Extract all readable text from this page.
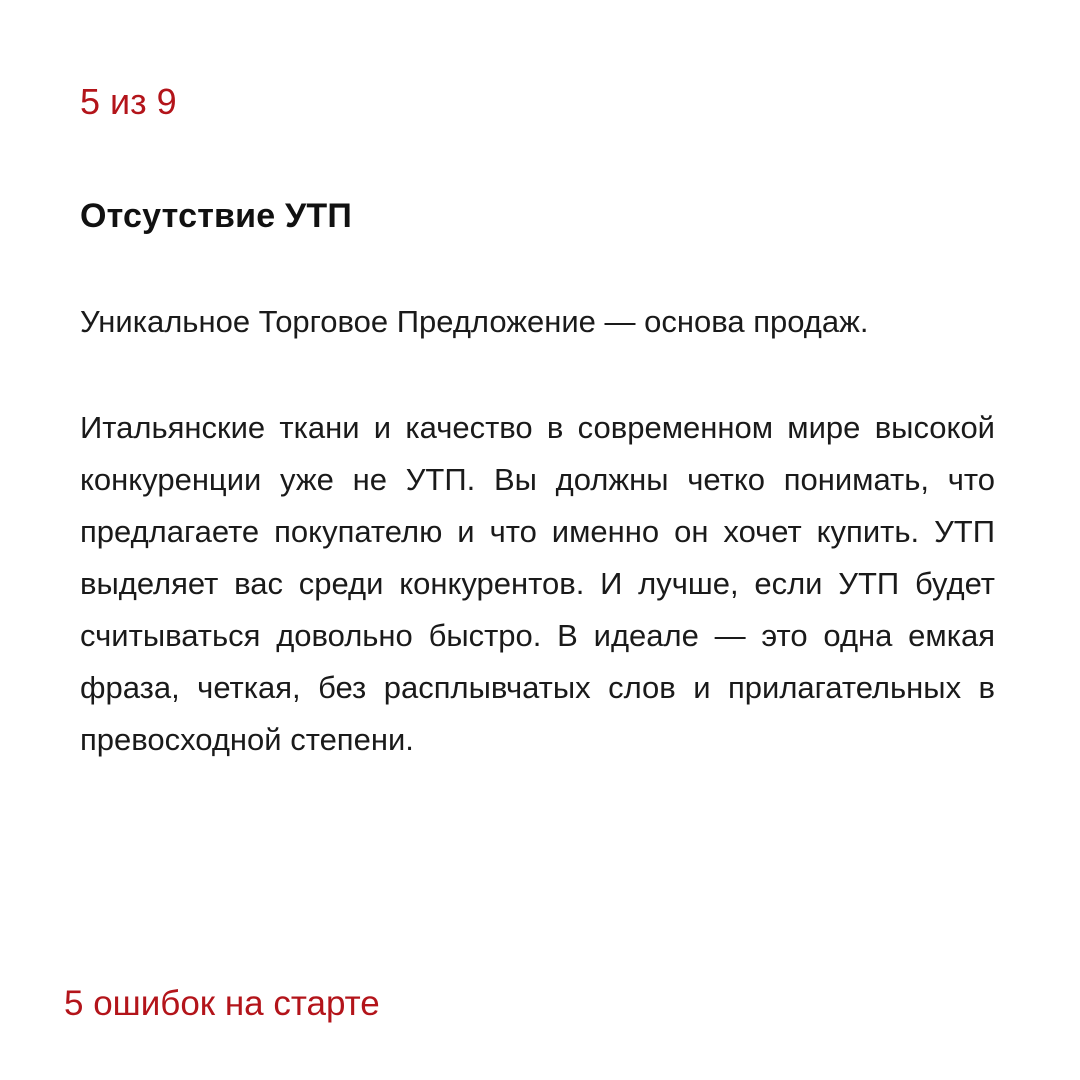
5 из 9
Отсутствие УТП
Уникальное Торговое Предложение — основа продаж.

Итальянские ткани и качество в современном мире высокой конкуренции уже не УТП. Вы должны четко понимать, что предлагаете покупателю и что именно он хочет купить. УТП выделяет вас среди конкурентов. И лучше, если УТП будет считываться довольно быстро. В идеале — это одна емкая фраза, четкая, без расплывчатых слов и прилагательных в превосходной степени.

5 ошибок на старте
